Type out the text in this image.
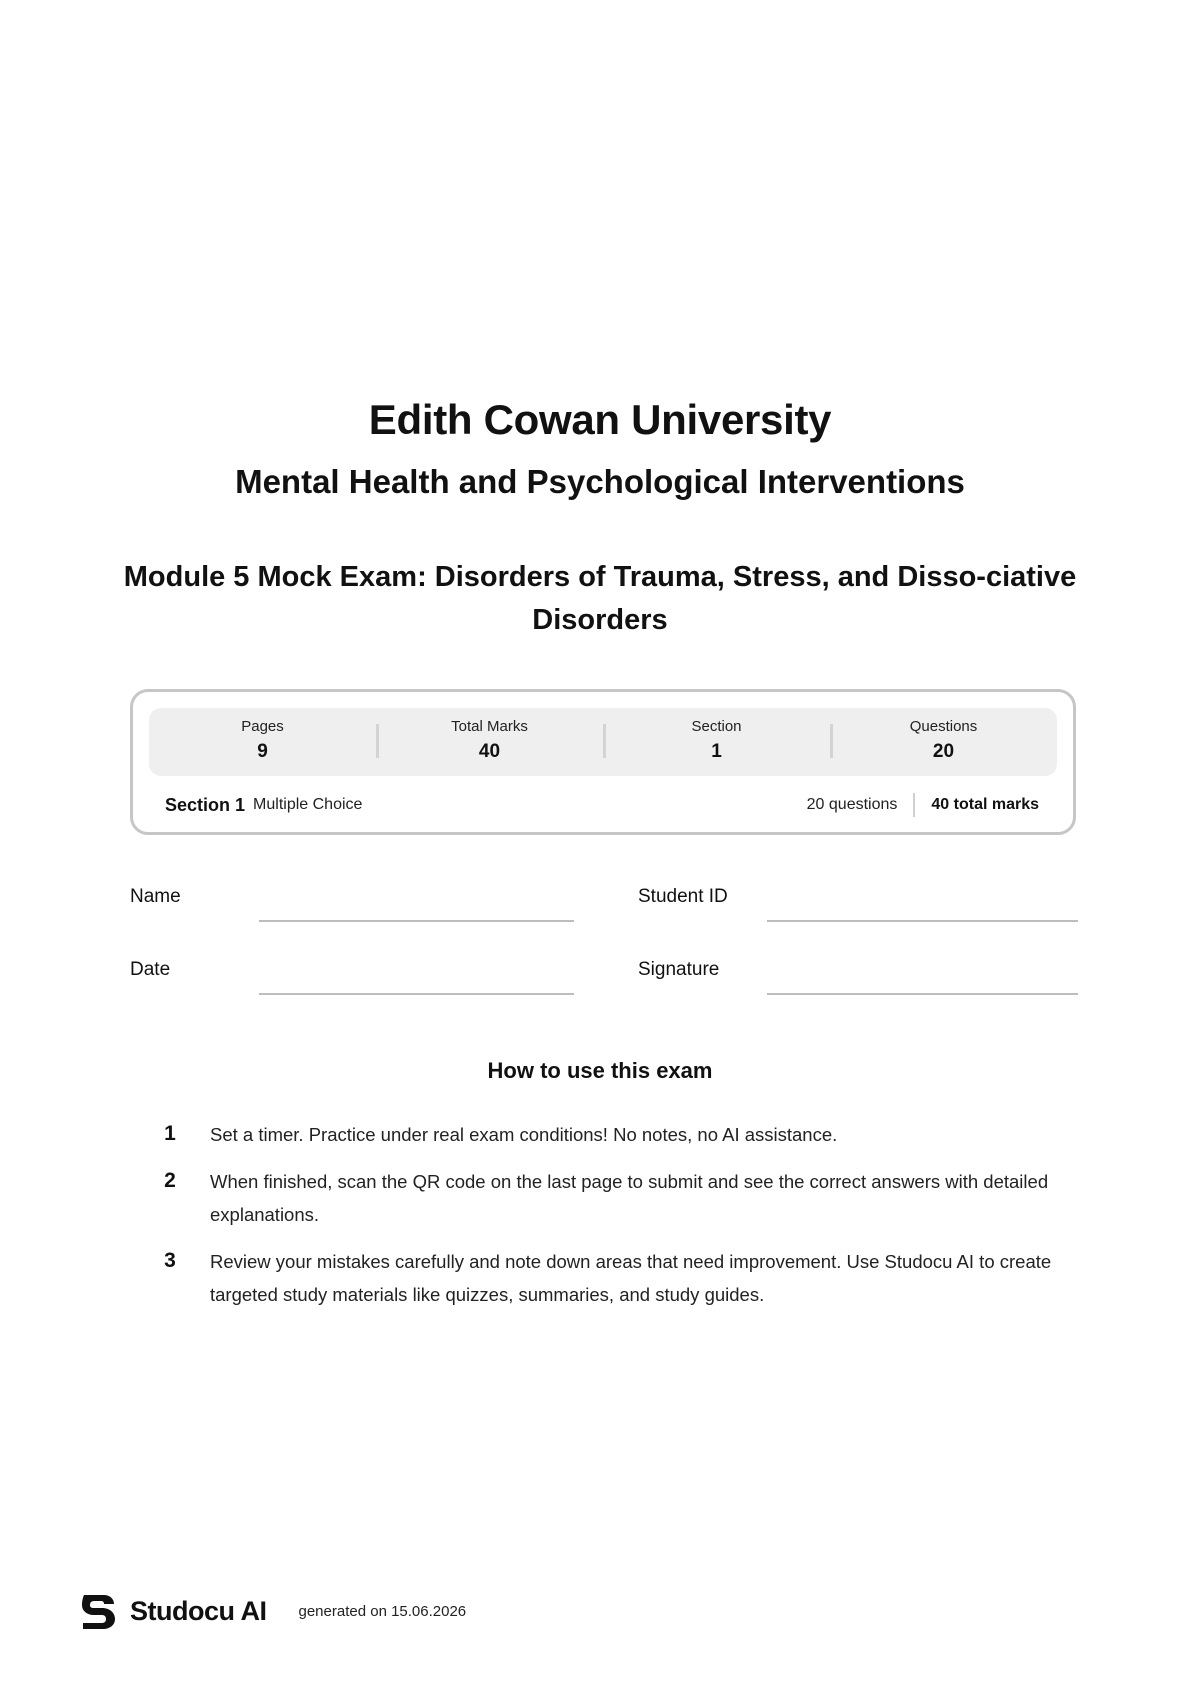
Edith Cowan University
Mental Health and Psychological Interventions
Module 5 Mock Exam: Disorders of Trauma, Stress, and Disso-ciative Disorders
Pages
9
Total Marks
40
Section
1
Questions
20
Section 1 Multiple Choice	20 questions	40 total marks
Name	Student ID
Date	Signature
How to use this exam
1 Set a timer. Practice under real exam conditions! No notes, no AI assistance.
2 When finished, scan the QR code on the last page to submit and see the correct answers with detailed explanations.
3 Review your mistakes carefully and note down areas that need improvement. Use Studocu AI to create targeted study materials like quizzes, summaries, and study guides.
Studocu AI generated on 15.06.2026
